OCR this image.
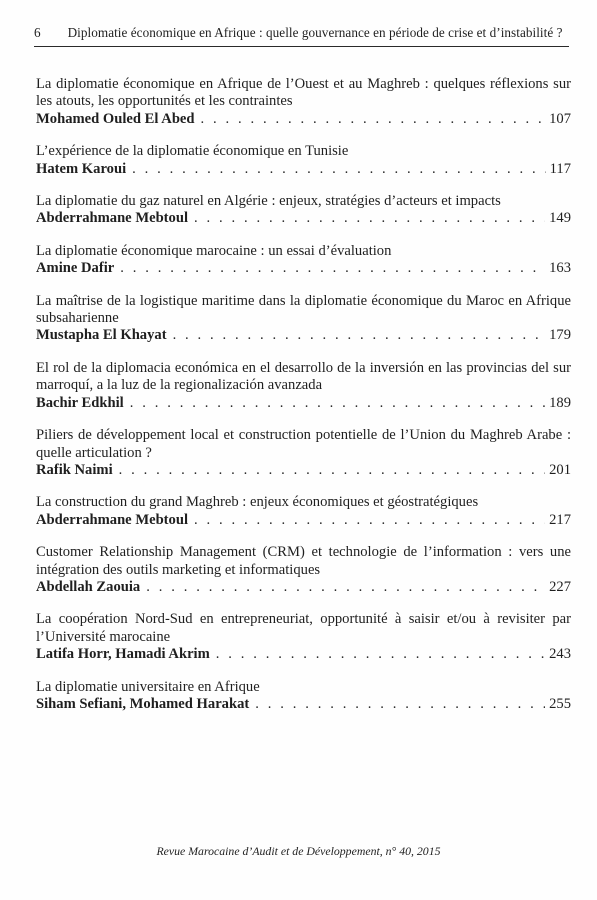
6 Diplomatie économique en Afrique : quelle gouvernance en période de crise et d’instabilité ?
La diplomatie économique en Afrique de l’Ouest et au Maghreb : quelques réflexions sur les atouts, les opportunités et les contraintes
Mohamed Ouled El Abed . . .	107
L’expérience de la diplomatie économique en Tunisie
Hatem Karoui . . .	117
La diplomatie du gaz naturel en Algérie : enjeux, stratégies d’acteurs et impacts
Abderrahmane Mebtoul . . .	149
La diplomatie économique marocaine : un essai d’évaluation
Amine Dafir . . .	163
La maîtrise de la logistique maritime dans la diplomatie économique du Maroc en Afrique subsaharienne
Mustapha El Khayat . . .	179
El rol de la diplomacia económica en el desarrollo de la inversión en las provincias del sur marroquí, a la luz de la regionalización avanzada
Bachir Edkhil . . .	189
Piliers de développement local et construction potentielle de l’Union du Maghreb Arabe : quelle articulation ?
Rafik Naimi . . .	201
La construction du grand Maghreb : enjeux économiques et géostratégiques
Abderrahmane Mebtoul . . .	217
Customer Relationship Management (CRM) et technologie de l’information : vers une intégration des outils marketing et informatiques
Abdellah Zaouia . . .	227
La coopération Nord-Sud en entrepreneuriat, opportunité à saisir et/ou à revisiter par l’Université marocaine
Latifa Horr, Hamadi Akrim . . .	243
La diplomatie universitaire en Afrique
Siham Sefiani, Mohamed Harakat . . .	255
Revue Marocaine d’Audit et de Développement, n° 40, 2015
